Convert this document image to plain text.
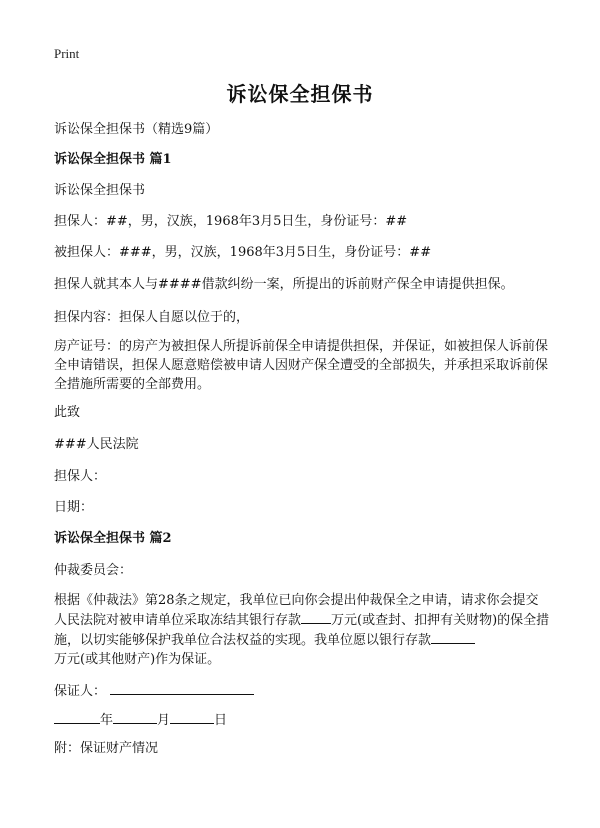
Print
诉讼保全担保书
诉讼保全担保书（精选9篇）
诉讼保全担保书 篇1
诉讼保全担保书
担保人：##，男，汉族，1968年3月5日生，身份证号：##
被担保人：###，男，汉族，1968年3月5日生，身份证号：##
担保人就其本人与####借款纠纷一案，所提出的诉前财产保全申请提供担保。
担保内容：担保人自愿以位于的，
房产证号：的房产为被担保人所提诉前保全申请提供担保，并保证，如被担保人诉前保全申请错误，担保人愿意赔偿被申请人因财产保全遭受的全部损失，并承担采取诉前保全措施所需要的全部费用。
此致
###人民法院
担保人：
日期：
诉讼保全担保书 篇2
仲裁委员会：
根据《仲裁法》第28条之规定，我单位已向你会提出仲裁保全之申请，请求你会提交人民法院对被申请单位采取冻结其银行存款 万元(或查封、扣押有关财物)的保全措施，以切实能够保护我单位合法权益的实现。我单位愿以银行存款
万元(或其他财产)作为保证。
保证人：
年	月	日
附：保证财产情况
